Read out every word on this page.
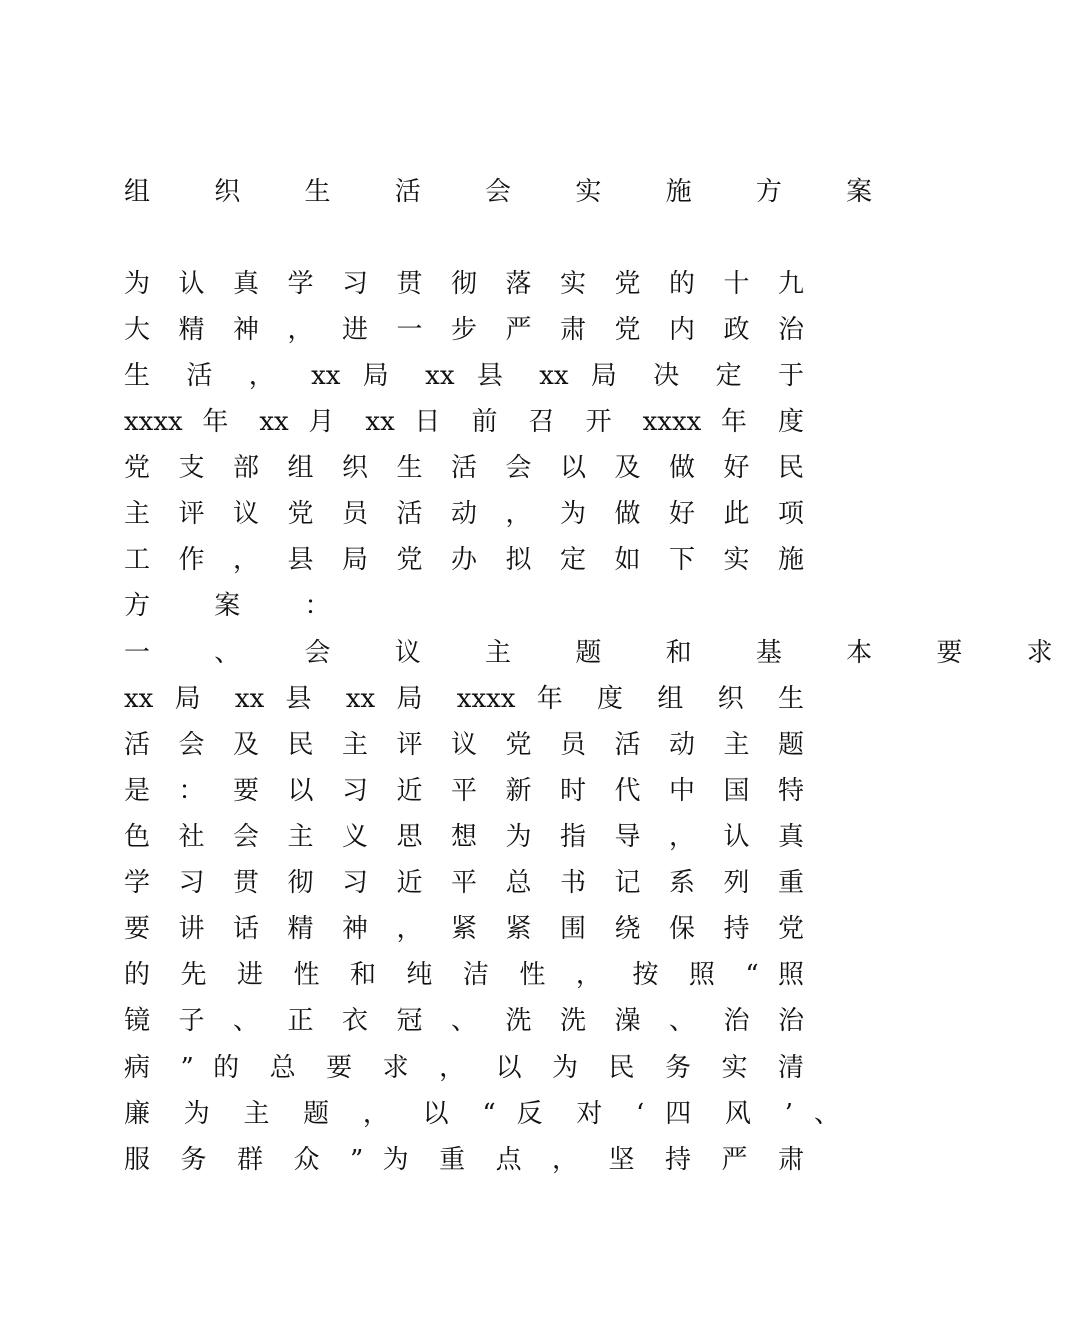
组 织 生 活 会 实 施 方 案
为 认 真 学 习 贯 彻 落 实 党 的 十 九
大 精 神 ， 进 一 步 严 肃 党 内 政 治
生 活 ， xx 局 xx 县 xx 局 决 定 于
xxxx 年 xx 月 xx 日 前 召 开 xxxx 年 度
党 支 部 组 织 生 活 会 以 及 做 好 民
主 评 议 党 员 活 动 ， 为 做 好 此 项
工 作 ， 县 局 党 办 拟 定 如 下 实 施
方 案 ：
一 、 会 议 主 题 和 基 本 要 求
xx 局 xx 县 xx 局 xxxx 年 度 组 织 生
活 会 及 民 主 评 议 党 员 活 动 主 题
是 ： 要 以 习 近 平 新 时 代 中 国 特
色 社 会 主 义 思 想 为 指 导 ， 认 真
学 习 贯 彻 习 近 平 总 书 记 系 列 重
要 讲 话 精 神 ， 紧 紧 围 绕 保 持 党
的 先 进 性 和 纯 洁 性 ， 按 照 “ 照
镜 子 、 正 衣 冠 、 洗 洗 澡 、 治 治
病 ” 的 总 要 求 ， 以 为 民 务 实 清
廉 为 主 题 ， 以 “ 反 对 ‘ 四 风 ’ 、
服 务 群 众 ” 为 重 点 ， 坚 持 严 肃
